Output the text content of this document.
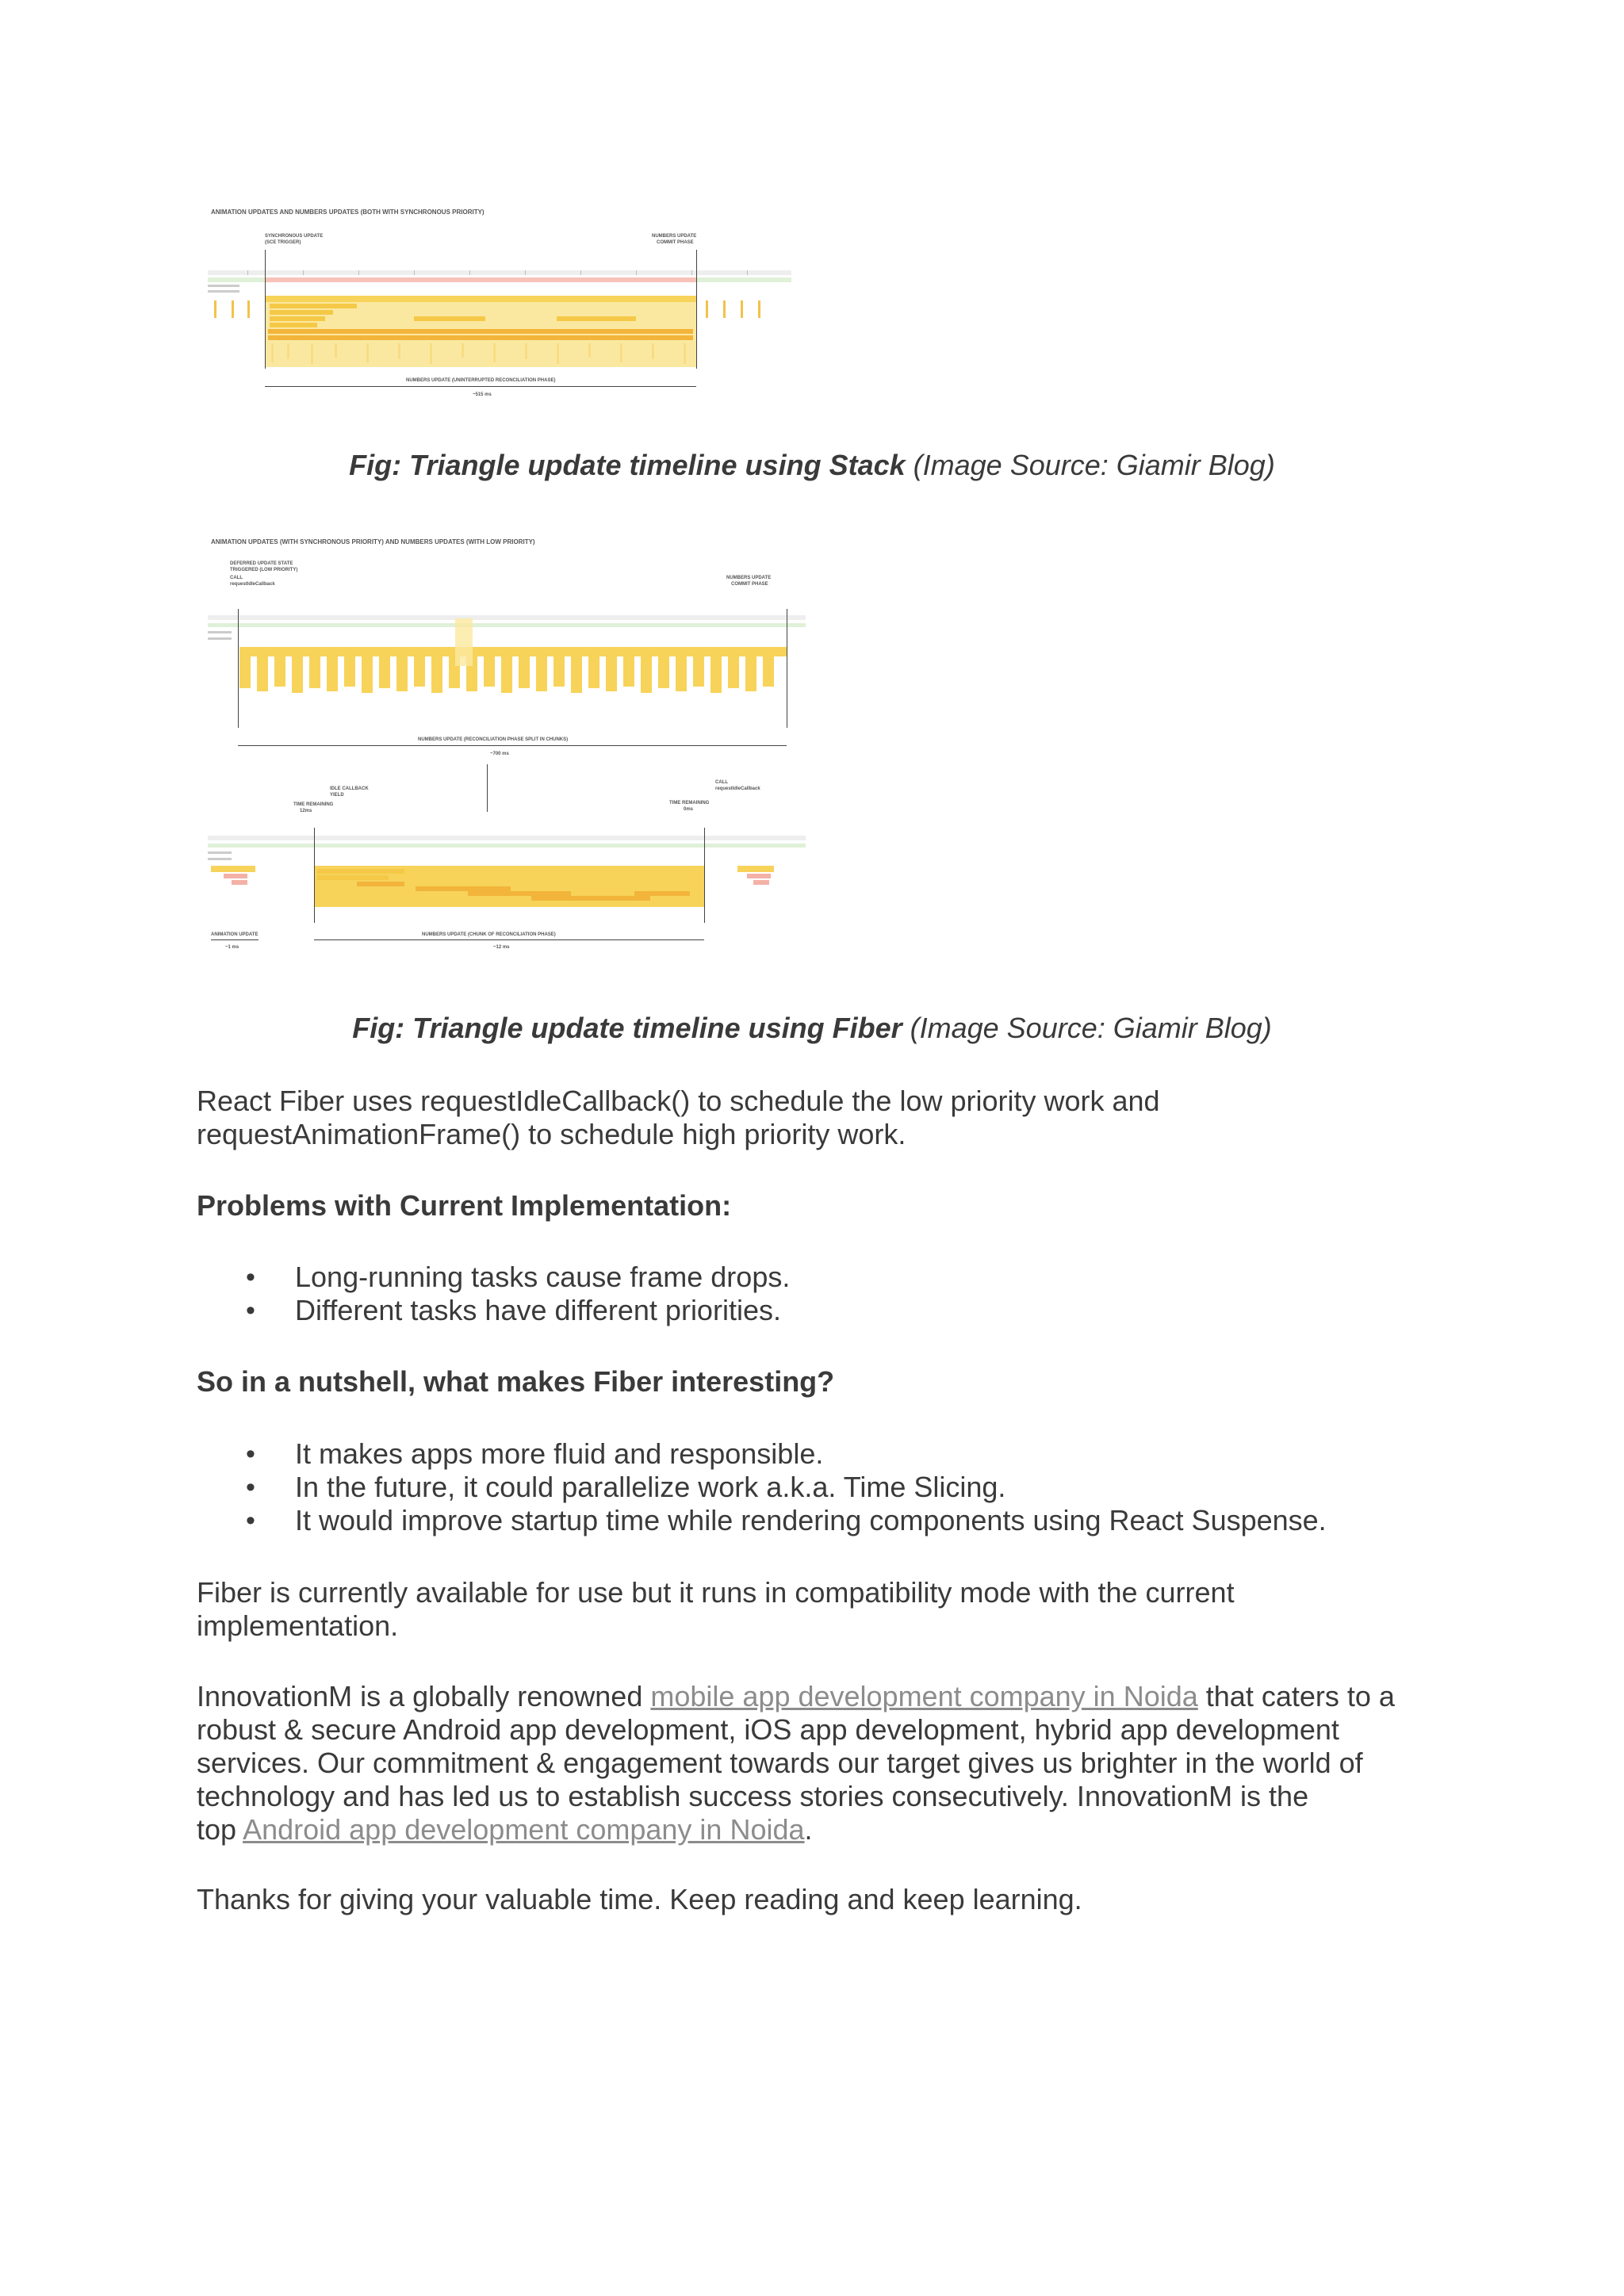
ANIMATION UPDATES AND NUMBERS UPDATES (BOTH WITH SYNCHRONOUS PRIORITY)
SYNCHRONOUS UPDATE
(SCE TRIGGER)
NUMBERS UPDATE
COMMIT PHASE
NUMBERS UPDATE (UNINTERRUPTED RECONCILIATION PHASE)
~515 ms
Fig: Triangle update timeline using Stack (Image Source: Giamir Blog)
ANIMATION UPDATES (WITH SYNCHRONOUS PRIORITY) AND NUMBERS UPDATES (WITH LOW PRIORITY)
DEFERRED UPDATE STATE
TRIGGERED (LOW PRIORITY)
CALL
requestIdleCallback
NUMBERS UPDATE
COMMIT PHASE
NUMBERS UPDATE (RECONCILIATION PHASE SPLIT IN CHUNKS)
~700 ms
IDLE CALLBACK
YIELD
TIME REMAINING
12ms
CALL
requestIdleCallback
TIME REMAINING
0ms
ANIMATION UPDATE
~1 ms
NUMBERS UPDATE (CHUNK OF RECONCILIATION PHASE)
~12 ms
Fig: Triangle update timeline using Fiber (Image Source: Giamir Blog)

React Fiber uses requestIdleCallback() to schedule the low priority work and
requestAnimationFrame() to schedule high priority work.

Problems with Current Implementation:
• Long-running tasks cause frame drops.
• Different tasks have different priorities.
So in a nutshell, what makes Fiber interesting?
• It makes apps more fluid and responsible.
• In the future, it could parallelize work a.k.a. Time Slicing.
• It would improve startup time while rendering components using React Suspense.

Fiber is currently available for use but it runs in compatibility mode with the current
implementation.

InnovationM is a globally renowned mobile app development company in Noida that caters to a
robust & secure Android app development, iOS app development, hybrid app development
services. Our commitment & engagement towards our target gives us brighter in the world of
technology and has led us to establish success stories consecutively. InnovationM is the
top Android app development company in Noida.

Thanks for giving your valuable time. Keep reading and keep learning.
